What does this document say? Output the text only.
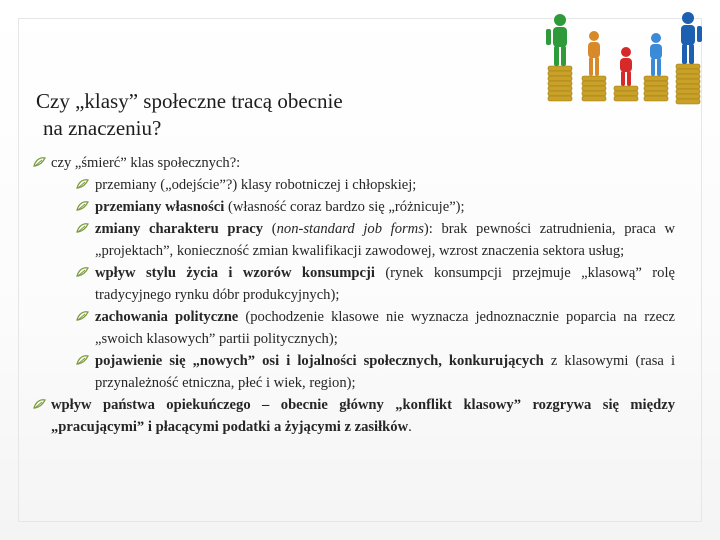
Czy „klasy” społeczne tracą obecnie
na znaczeniu?
czy „śmierć” klas społecznych?:
przemiany („odejście”?) klasy robotniczej i chłopskiej;
przemiany własności (własność coraz bardzo się „różnicuje”);
zmiany charakteru pracy (non-standard job forms): brak pewności zatrudnienia, praca w „projektach”, konieczność zmian kwalifikacji zawodowej, wzrost znaczenia sektora usług;
wpływ stylu życia i wzorów konsumpcji (rynek konsumpcji przejmuje „klasową” rolę tradycyjnego rynku dóbr produkcyjnych);
zachowania polityczne (pochodzenie klasowe nie wyznacza jednoznacznie poparcia na rzecz „swoich klasowych” partii politycznych);
pojawienie się „nowych” osi i lojalności społecznych, konkurujących z klasowymi (rasa i przynależność etniczna, płeć i wiek, region);
wpływ państwa opiekuńczego – obecnie główny „konflikt klasowy” rozgrywa się między „pracującymi” i płacącymi podatki a żyjącymi z zasiłków.
